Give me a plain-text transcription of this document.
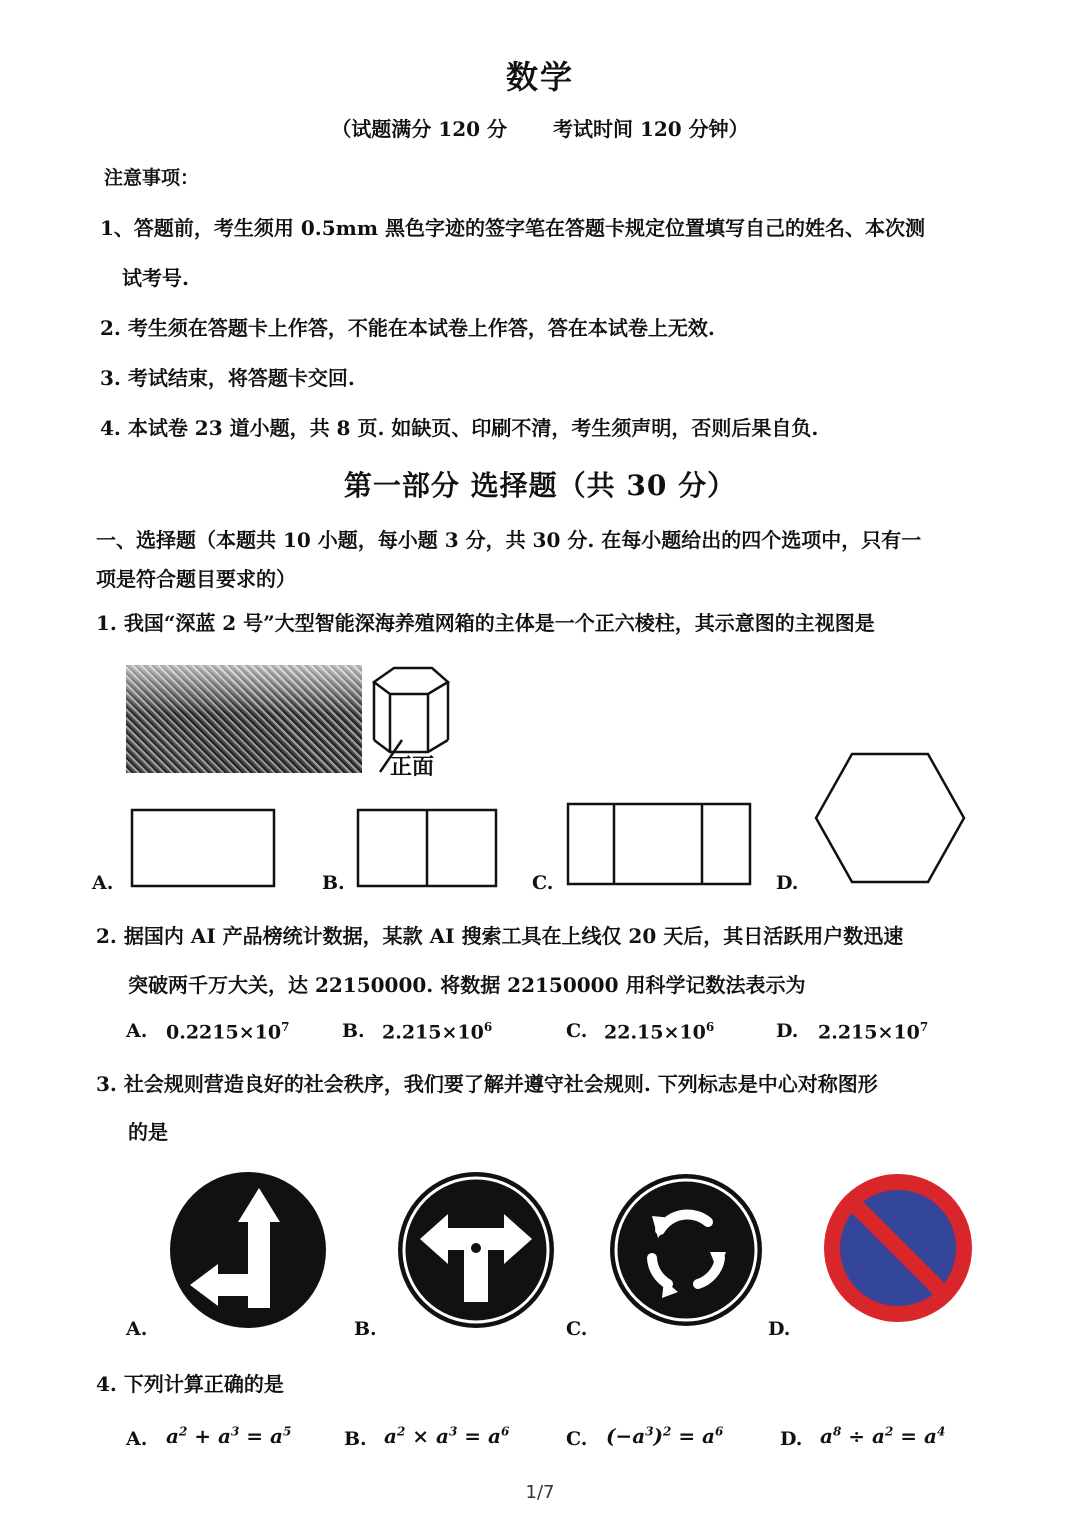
数学
（试题满分 120 分 考试时间 120 分钟）
注意事项：
1、答题前，考生须用 0.5mm 黑色字迹的签字笔在答题卡规定位置填写自己的姓名、本次测
试考号.
2. 考生须在答题卡上作答，不能在本试卷上作答，答在本试卷上无效.
3. 考试结束，将答题卡交回.
4. 本试卷 23 道小题，共 8 页. 如缺页、印刷不清，考生须声明，否则后果自负.
第一部分 选择题（共 30 分）
一、选择题（本题共 10 小题，每小题 3 分，共 30 分. 在每小题给出的四个选项中，只有一
项是符合题目要求的）
1. 我国“深蓝 2 号”大型智能深海养殖网箱的主体是一个正六棱柱，其示意图的主视图是
正面
A.	B.	C.	D.
2. 据国内 AI 产品榜统计数据，某款 AI 搜索工具在上线仅 20 天后，其日活跃用户数迅速
突破两千万大关，达 22150000. 将数据 22150000 用科学记数法表示为
A. $0.2215\times 10^7$	B. $2.215\times 10^6$	C. $22.15\times 10^6$	D. $2.215\times 10^7$
3. 社会规则营造良好的社会秩序，我们要了解并遵守社会规则. 下列标志是中心对称图形
的是
A.	B.	C.	D.
4. 下列计算正确的是
A. $a^2 + a^3 = a^5$	B. $a^2 \times a^3 = a^6$	C. $(-a^3)^2 = a^6$	D. $a^8 \div a^2 = a^4$
1/7
